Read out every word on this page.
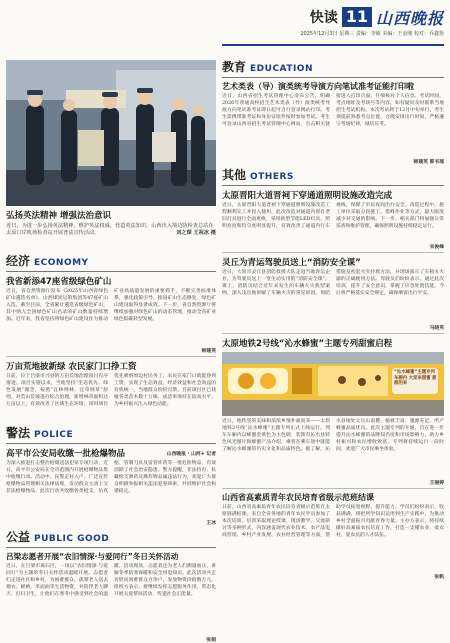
快读 11 山西晚报
2025年12月3日 星期三 责编：李敏 美编：王金刚 校对：乔鑫艳
弘扬英法精神 增强法治意识
近日，为进一步弘扬英法精神，维护英法权威，营造英法知识，山西出入境边防检查总站在太原口岸机场检查站开展普法宣传活动。	刘之琛 王祝冰 摄
经济 ECONOMY
我省新添47座省级绿色矿山
近日，省自然资源厅发布《2025年山西省绿色矿山遴选名单》，山西煤炭运销集团等47座矿山入选。截至目前，全省累计遴选省级绿色矿山，其中纳入全国绿色矿山名录的矿山数量持续增加。近年来，我省坚持将绿色矿山建设作为推动矿业高质量发展的重要抓手，不断完善标准体系，强化政策引导，推进矿山生态修复，绿色矿山建设取得显著成效。下一步，省自然资源厅将继续加强对绿色矿山的动态管理，推动全省矿业绿色低碳转型发展。
韩建英
万亩荒地披新绿 农民家门口挣工资
日前，位于吕梁市兴县的万亩荒地治理项目有序推进。项目实施以来，当地坚持“生态优先、绿色发展”理念，按照“宜林则林、宜草则草”原则，对荒山荒坡进行综合治理，新增林草面积达万亩以上，有效改善了区域生态环境。同时项目优先吸纳周边村民务工，农民在家门口就能挣到工资，实现了生态效益、经济效益和社会效益的有机统一，当地群众纷纷点赞。目前项目区已栽植各类苗木数十万株，成活率保持在较高水平，为乡村振兴注入绿色动能。
山西晚报 · 山河+ 记者
警法 POLICE
高平市公安局收缴一批枪爆物品
为深入推进打击整治枪爆违法犯罪专项行动，近日，高平市公安局在全市范围内开展枪爆物品集中收缴行动。活动中，民警走村入户，广泛宣传枪爆物品管理相关法律法规，发动群众主动上交非法枪爆物品。此次行动共收缴各类枪支、仿真枪、管制刀具及雷管炸药等一批危险物品，有效消除了社会治安隐患。警方提醒，非法持有、私藏枪支弹药及爆炸物品属违法行为，欢迎广大群众积极举报相关违法犯罪线索，共同维护社会和谐稳定。
王冰
公益 PUBLIC GOOD
吕梁志愿者开展“农旧情深·与爱同行”冬日关怀活动
近日，在吕梁市离石区，一场以“农旧情深·与爱同行”为主题的冬日关怀活动温暖开展。志愿者们走进社区和乡村，为困难群众、孤寡老人送去棉衣、棉被、米面油等生活物资，并陪伴老人聊天、打扫卫生，让他们在寒冬中感受到社会的温暖。活动现场，志愿者还为老人们测量血压，讲解冬季防寒保暖和安全用电知识。此次活动共走访慰问困难群众百余户，发放物资价值数万元。组织方表示，将继续发挥志愿服务作用，常态化开展关爱帮扶活动，传递社会正能量。
张娟
教育 EDUCATION
艺术类表（导）演类统考导演方向笔试准考证能打印啦
近日，山西省招生考试管理中心发布公告，明确2026年普通高校招生艺术类表（导）演类统考导演方向笔试准考证即日起可自行登录网站打印。考生需携带准考证和身份证原件按时参加考试。考生可登录山西省招生考试管理中心网站，点击相关链接进入打印页面，仔细核对个人信息、考试时间、考点地址及考场号等内容，如有疑问及时联系当地招生考试机构。本次考试将于12月中旬举行，考生须提前熟悉考点位置，合理安排出行时间，严格遵守考场纪律，诚信应考。
韩建英 郭书瑶
其他 OTHERS
太原晋阳大道晋祠下穿通道照明设施改造完成
近日，太原晋阳大道晋祠下穿通道照明设施改造工程顺利完工并投入使用。此次改造对通道内原有老旧灯具进行全面更换，采用新型节能LED灯具，照明亮度和均匀度明显提升，有效改善了通道内行车视线，保障了市民夜间出行安全。改造过程中，施工单位采取分段施工、错峰作业等方式，最大限度减少对交通的影响。下一步，相关部门将加强日常巡查和维护管理，确保照明设施持续稳定运行。
宋俊峰
灵丘为青运驾驶员送上“消防安全课”
近日，大同市灵丘县消防救援大队走进当地客运企业，为驾驶员送上一堂生动实用的“消防安全课”。课上，消防员结合近年来发生的车辆火灾典型案例，深入浅出地讲解了车辆火灾的常见原因、预防措施及初起火灾扑救方法，并现场演示了车载灭火器的正确使用方法。驾驶员们纷纷表示，通过此次培训，提升了安全意识，掌握了应急处置技能，今后将严格落实安全规定，确保乘客出行平安。
马晓英
太原地铁2号线“沁水蜂蜜”主题专列甜蜜启程
“沁水蜂蜜”主题专列 车厢内 大家来甜蜜 甜甜的来
近日，地铁里的美味和浓浓乡情扑面而来——太原地铁2号线“沁水蜂蜜”主题专列正式上线运行。列车车厢内以蜂蜜金黄色为主色调，装饰有沁水县特色风光图片和蜂蜜产品介绍，乘客在乘车途中就能了解沁水蜂蜜的历史文化和品质特色。据了解，沁水县地处太岳山南麓，植被丰富，蜜源充足，所产蜂蜜品质优良。此次主题专列的开通，旨在进一步提升沁水蜂蜜的品牌知名度和市场影响力，助力乡村振兴和农民增收致富。专列将持续运行一段时间，欢迎广大市民乘坐体验。
王丽婷
山西省高素质青年农民培育省级示范班结课
日前，山西省高素质青年农民培育省级示范班在太原圆满结课。来自全省各地的青年农民学员参加了本次培训。培训采取理论授课、现场教学、交流研讨等多种形式，内容涵盖现代农业技术、农产品电商营销、乡村产业发展、农业经营管理等方面，帮助学员拓宽视野、提升能力。学员们纷纷表示，收获满满，将把所学知识运用到生产实践中，为推动乡村全面振兴贡献青春力量。主办方表示，将持续做好高素质农民培育工作，打造一支懂农业、爱农村、爱农民的人才队伍。
张帆
